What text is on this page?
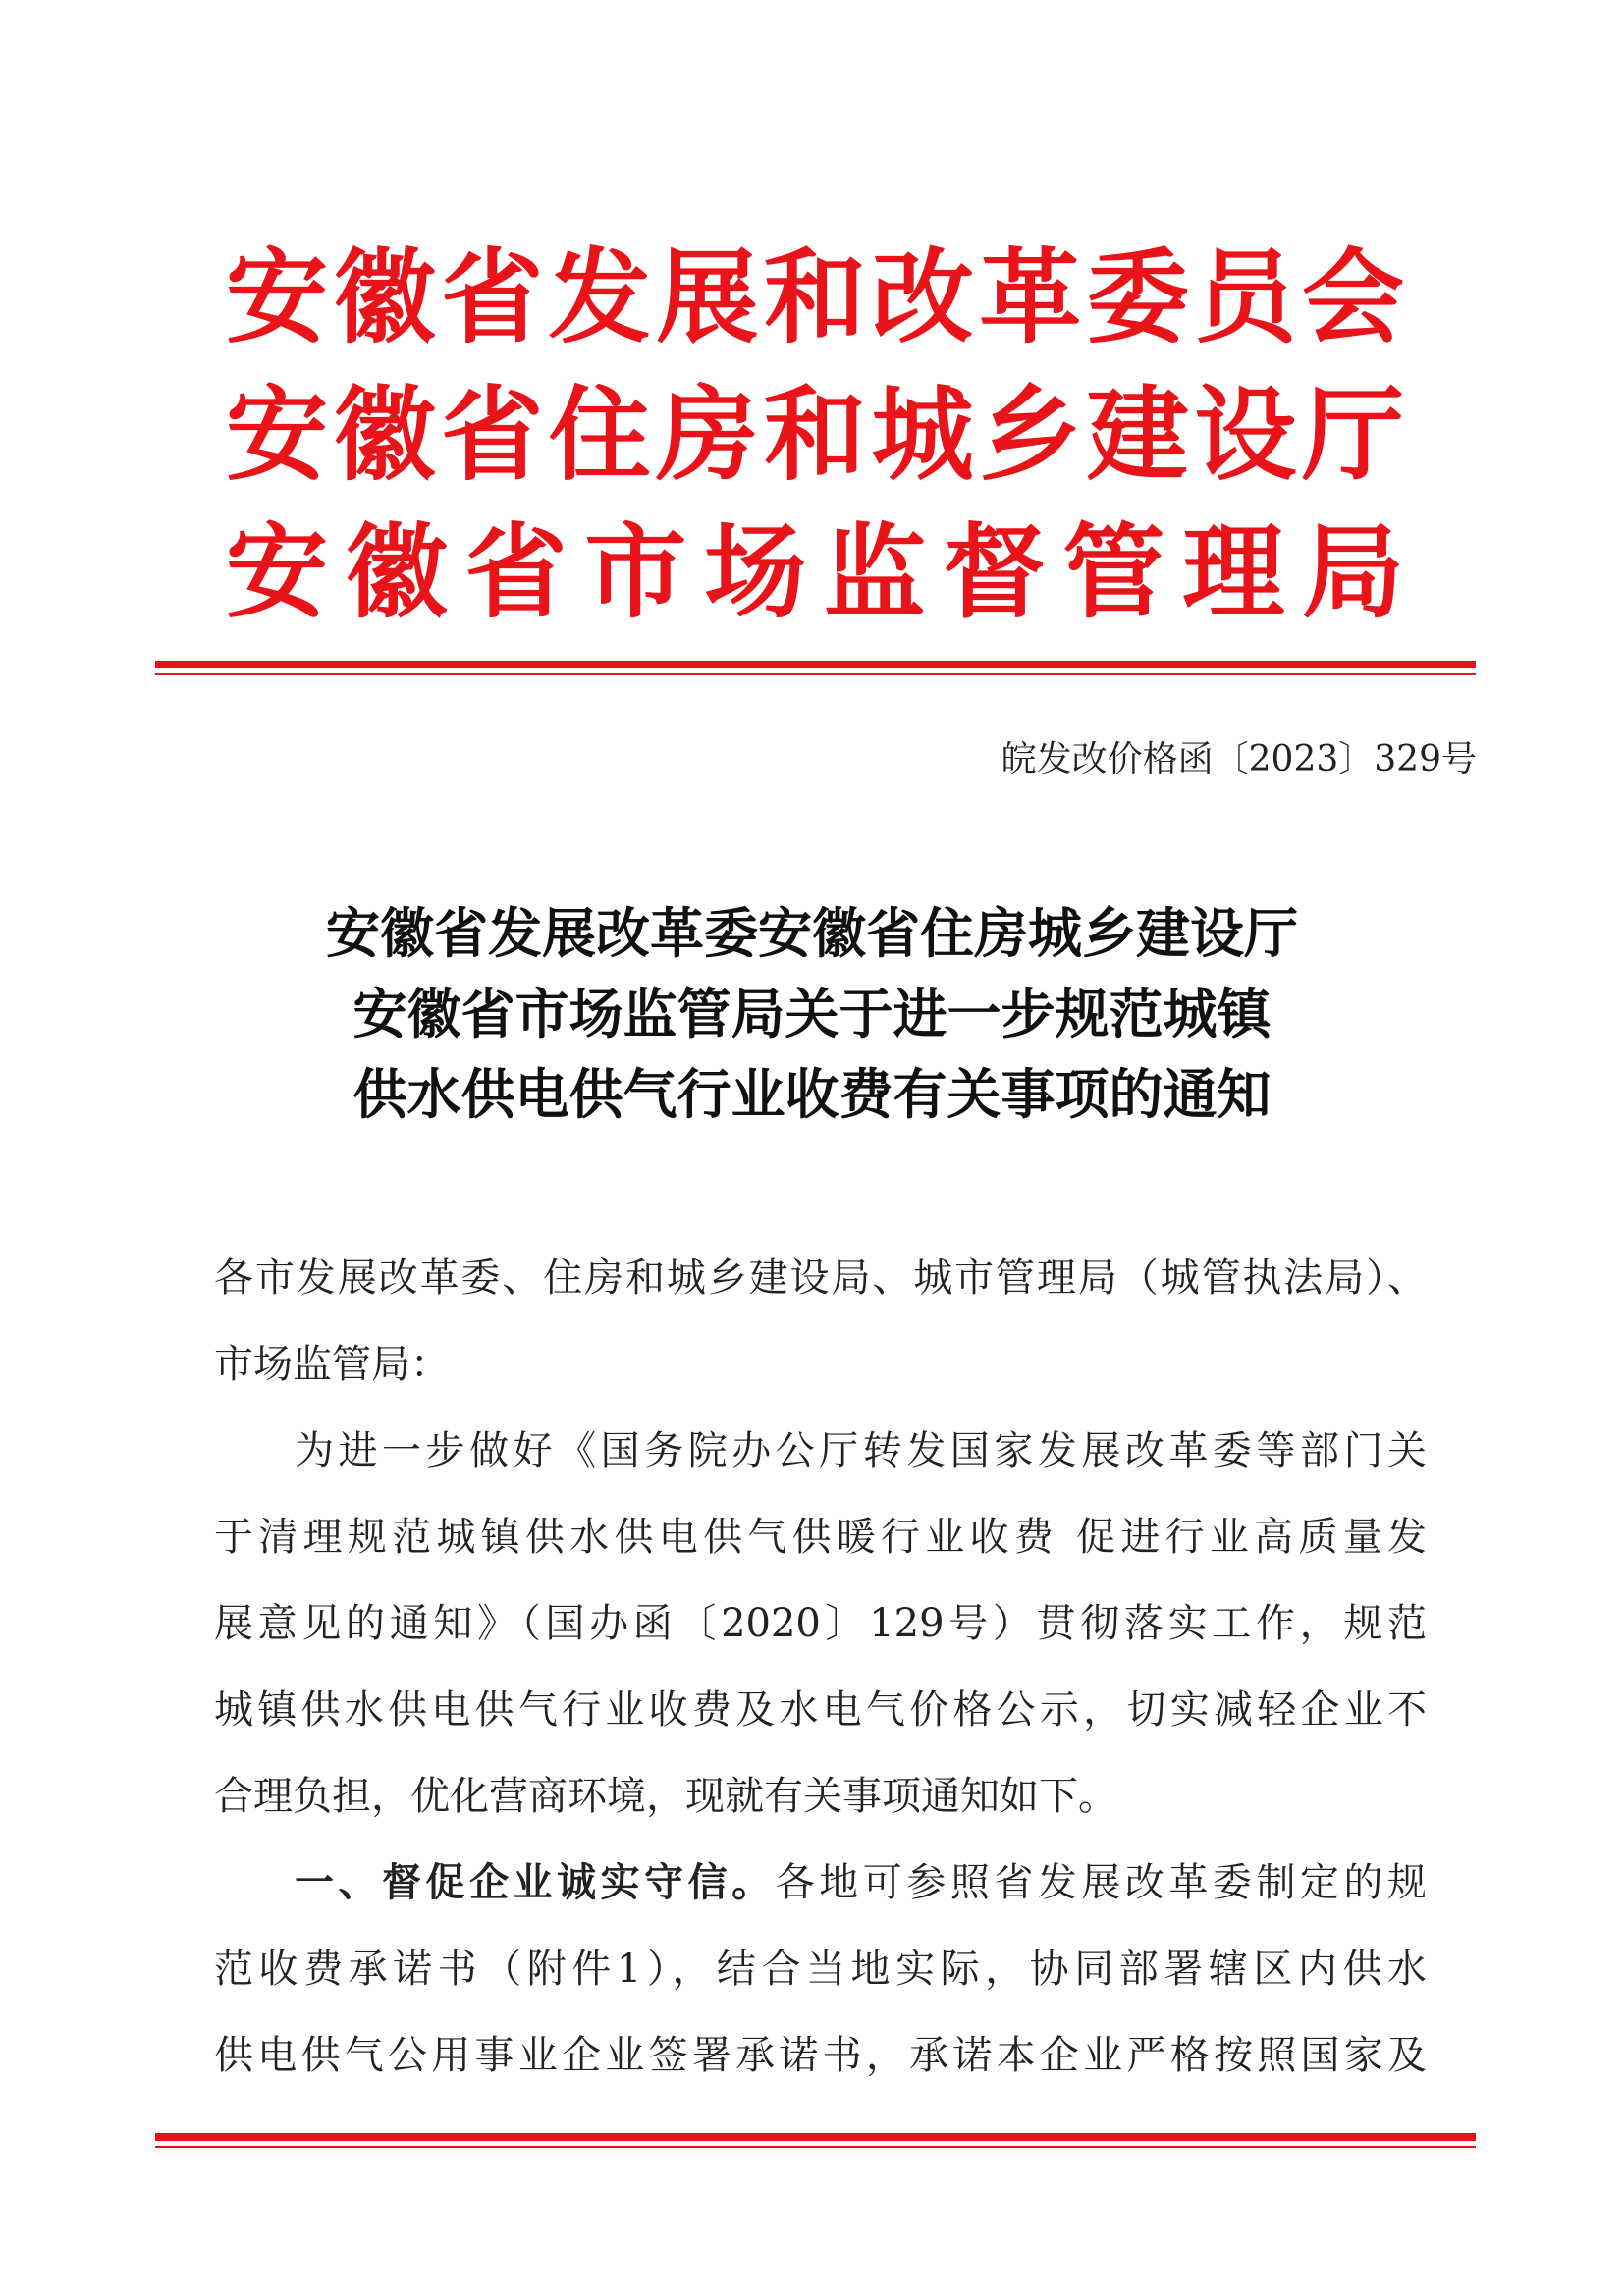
安徽省发展和改革委员会
安徽省住房和城乡建设厅
安徽省市场监督管理局
皖发改价格函〔2023〕329号
安徽省发展改革委安徽省住房城乡建设厅
安徽省市场监管局关于进一步规范城镇
供水供电供气行业收费有关事项的通知
各市发展改革委、住房和城乡建设局、城市管理局（城管执法局）、
市场监管局：
为进一步做好《国务院办公厅转发国家发展改革委等部门关
于清理规范城镇供水供电供气供暖行业收费 促进行业高质量发
展意见的通知》（国办函〔2020〕129号）贯彻落实工作，规范
城镇供水供电供气行业收费及水电气价格公示，切实减轻企业不
合理负担，优化营商环境，现就有关事项通知如下。
一、督促企业诚实守信。各地可参照省发展改革委制定的规
范收费承诺书（附件1），结合当地实际，协同部署辖区内供水
供电供气公用事业企业签署承诺书，承诺本企业严格按照国家及
